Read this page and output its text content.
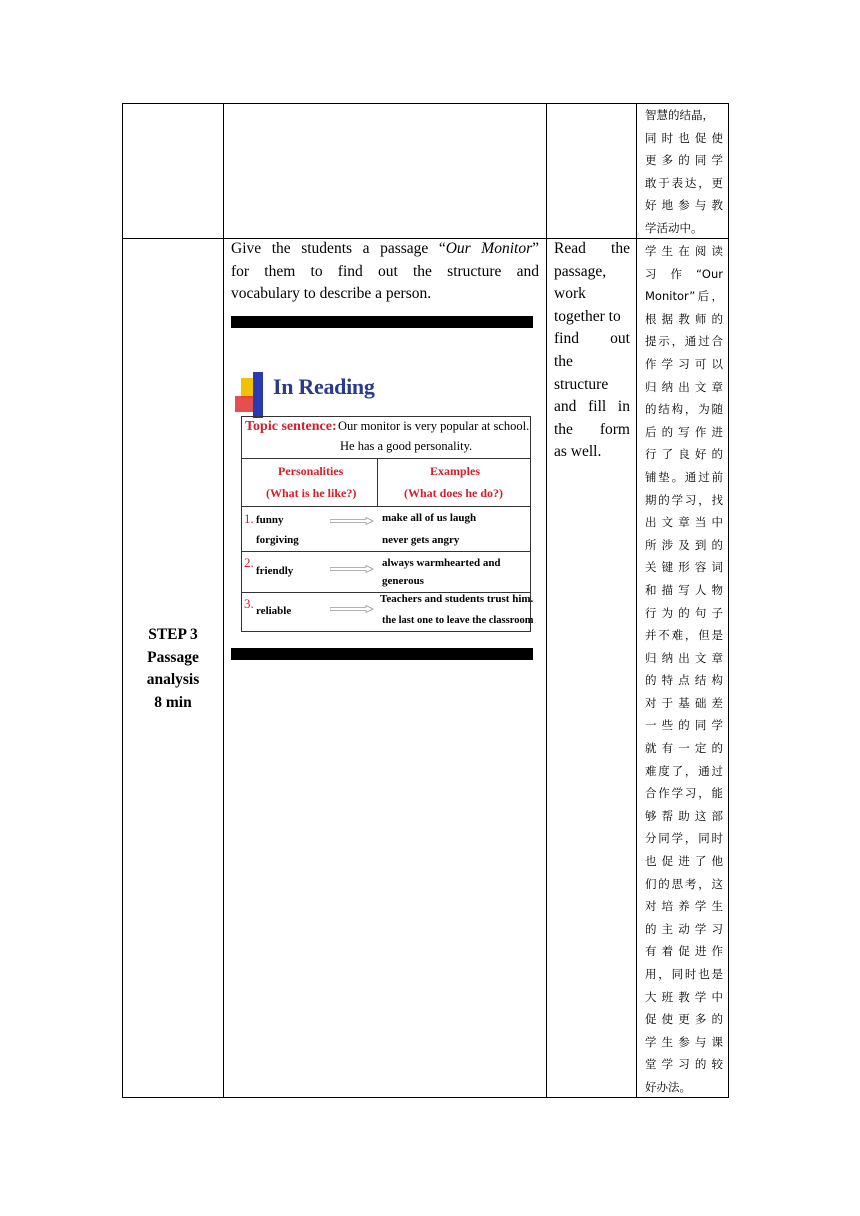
智慧的结晶，
同 时 也 促 使
更 多 的 同 学
敢于表达，更
好 地 参 与 教
学活动中。
STEP 3
Passage
analysis
8 min
Give the students a passage “Our Monitor”
for them to find out the structure and
vocabulary to describe a person.
Read the
passage,
work
together to
find out
the
structure
and fill in
the form
as well.
学 生 在 阅 读
习 作 “Our
Monitor”后，
根 据 教 师 的
提示，通过合
作 学 习 可 以
归 纳 出 文 章
的结构，为随
后 的 写 作 进
行 了 良 好 的
铺垫。通过前
期的学习，找
出 文 章 当 中
所 涉 及 到 的
关 键 形 容 词
和 描 写 人 物
行 为 的 句 子
并不难，但是
归 纳 出 文 章
的 特 点 结 构
对 于 基 础 差
一 些 的 同 学
就 有 一 定 的
难度了，通过
合作学习，能
够 帮 助 这 部
分同学，同时
也 促 进 了 他
们的思考，这
对 培 养 学 生
的 主 动 学 习
有 着 促 进 作
用，同时也是
大 班 教 学 中
促 使 更 多 的
学 生 参 与 课
堂 学 习 的 较
好办法。
In Reading
Topic sentence: Our monitor is very popular at school.
He has a good personality.
Personalities
(What is he like?)
Examples
(What does he do?)
1. funny
forgiving
make all of us laugh
never gets angry
2.
friendly
always warmhearted and
generous
3. reliable
Teachers and students trust him.
the last one to leave the classroom
